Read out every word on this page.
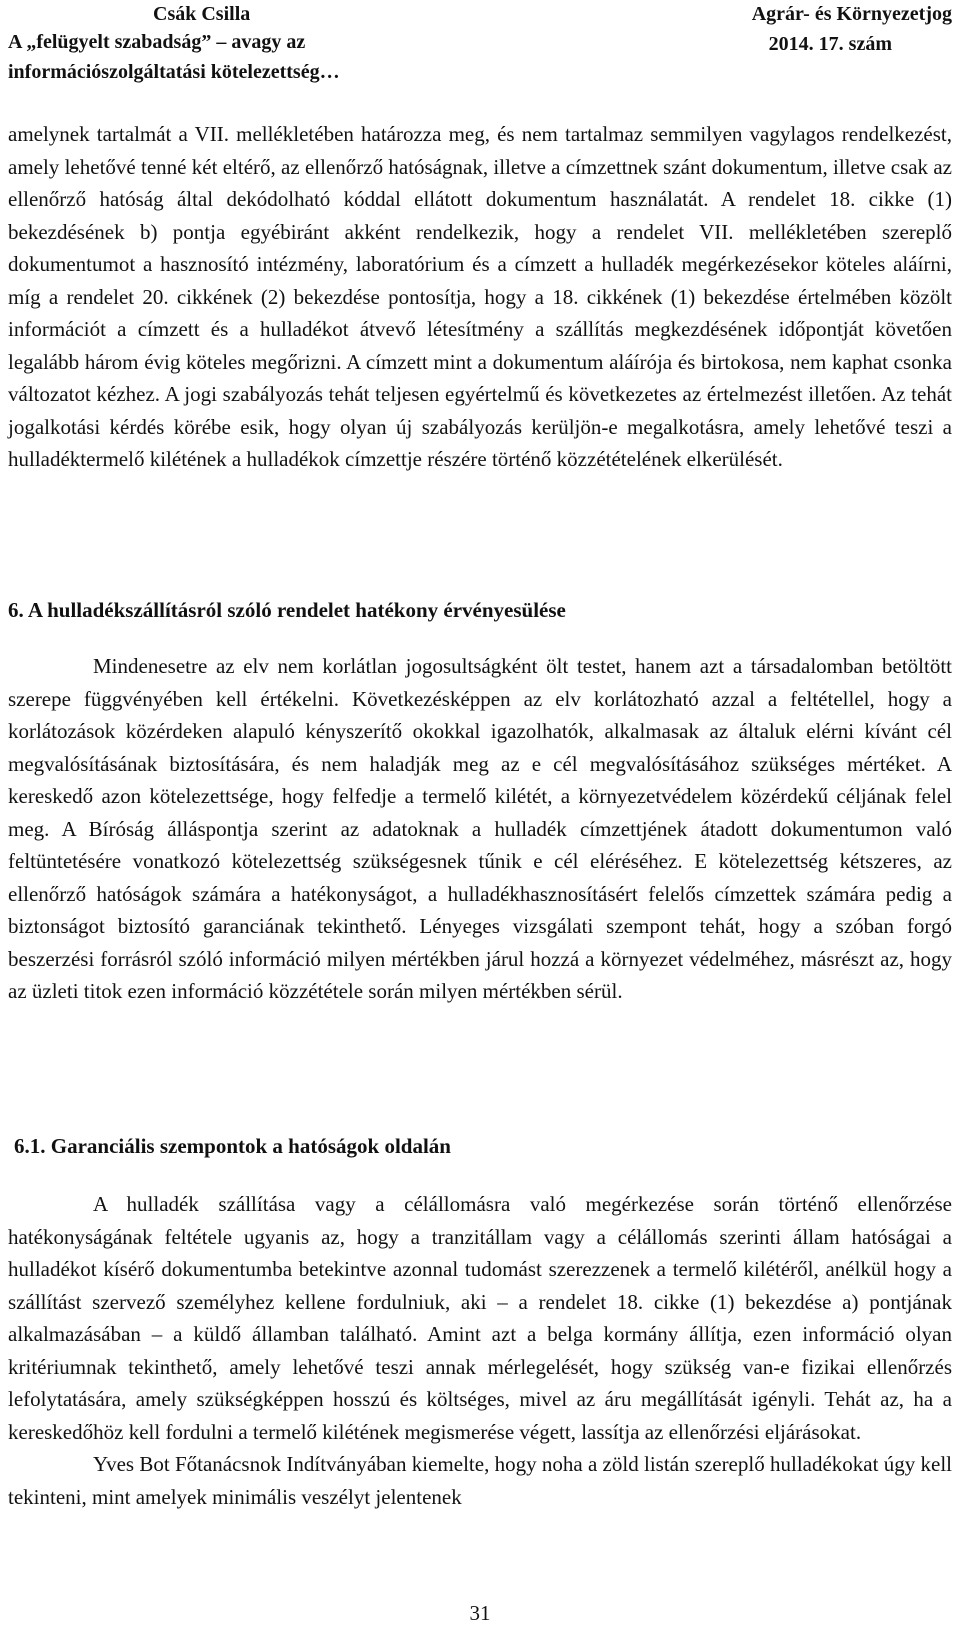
Csák Csilla
A „felügyelt szabadság” – avagy az
információszolgáltatási kötelezettség…
Agrár- és Környezetjog
2014. 17. szám

amelynek tartalmát a VII. mellékletében határozza meg, és nem tartalmaz semmilyen vagylagos rendelkezést, amely lehetővé tenné két eltérő, az ellenőrző hatóságnak, illetve a címzettnek szánt dokumentum, illetve csak az ellenőrző hatóság által dekódolható kóddal ellátott dokumentum használatát. A rendelet 18. cikke (1) bekezdésének b) pontja egyébiránt akként rendelkezik, hogy a rendelet VII. mellékletében szereplő dokumentumot a hasznosító intézmény, laboratórium és a címzett a hulladék megérkezésekor köteles aláírni, míg a rendelet 20. cikkének (2) bekezdése pontosítja, hogy a 18. cikkének (1) bekezdése értelmében közölt információt a címzett és a hulladékot átvevő létesítmény a szállítás megkezdésének időpontját követően legalább három évig köteles megőrizni. A címzett mint a dokumentum aláírója és birtokosa, nem kaphat csonka változatot kézhez. A jogi szabályozás tehát teljesen egyértelmű és következetes az értelmezést illetően. Az tehát jogalkotási kérdés körébe esik, hogy olyan új szabályozás kerüljön-e megalkotásra, amely lehetővé teszi a hulladéktermelő kilétének a hulladékok címzettje részére történő közzétételének elkerülését.

6. A hulladékszállításról szóló rendelet hatékony érvényesülése

Mindenesetre az elv nem korlátlan jogosultságként ölt testet, hanem azt a társadalomban betöltött szerepe függvényében kell értékelni. Következésképpen az elv korlátozható azzal a feltétellel, hogy a korlátozások közérdeken alapuló kényszerítő okokkal igazolhatók, alkalmasak az általuk elérni kívánt cél megvalósításának biztosítására, és nem haladják meg az e cél megvalósításához szükséges mértéket. A kereskedő azon kötelezettsége, hogy felfedje a termelő kilétét, a környezetvédelem közérdekű céljának felel meg. A Bíróság álláspontja szerint az adatoknak a hulladék címzettjének átadott dokumentumon való feltüntetésére vonatkozó kötelezettség szükségesnek tűnik e cél eléréséhez. E kötelezettség kétszeres, az ellenőrző hatóságok számára a hatékonyságot, a hulladékhasznosításért felelős címzettek számára pedig a biztonságot biztosító garanciának tekinthető. Lényeges vizsgálati szempont tehát, hogy a szóban forgó beszerzési forrásról szóló információ milyen mértékben járul hozzá a környezet védelméhez, másrészt az, hogy az üzleti titok ezen információ közzététele során milyen mértékben sérül.

6.1. Garanciális szempontok a hatóságok oldalán

A hulladék szállítása vagy a célállomásra való megérkezése során történő ellenőrzése hatékonyságának feltétele ugyanis az, hogy a tranzitállam vagy a célállomás szerinti állam hatóságai a hulladékot kísérő dokumentumba betekintve azonnal tudomást szerezzenek a termelő kilétéről, anélkül hogy a szállítást szervező személyhez kellene fordulniuk, aki – a rendelet 18. cikke (1) bekezdése a) pontjának alkalmazásában – a küldő államban található. Amint azt a belga kormány állítja, ezen információ olyan kritériumnak tekinthető, amely lehetővé teszi annak mérlegelését, hogy szükség van-e fizikai ellenőrzés lefolytatására, amely szükségképpen hosszú és költséges, mivel az áru megállítását igényli. Tehát az, ha a kereskedőhöz kell fordulni a termelő kilétének megismerése végett, lassítja az ellenőrzési eljárásokat.

Yves Bot Főtanácsnok Indítványában kiemelte, hogy noha a zöld listán szereplő hulladékokat úgy kell tekinteni, mint amelyek minimális veszélyt jelentenek

31
